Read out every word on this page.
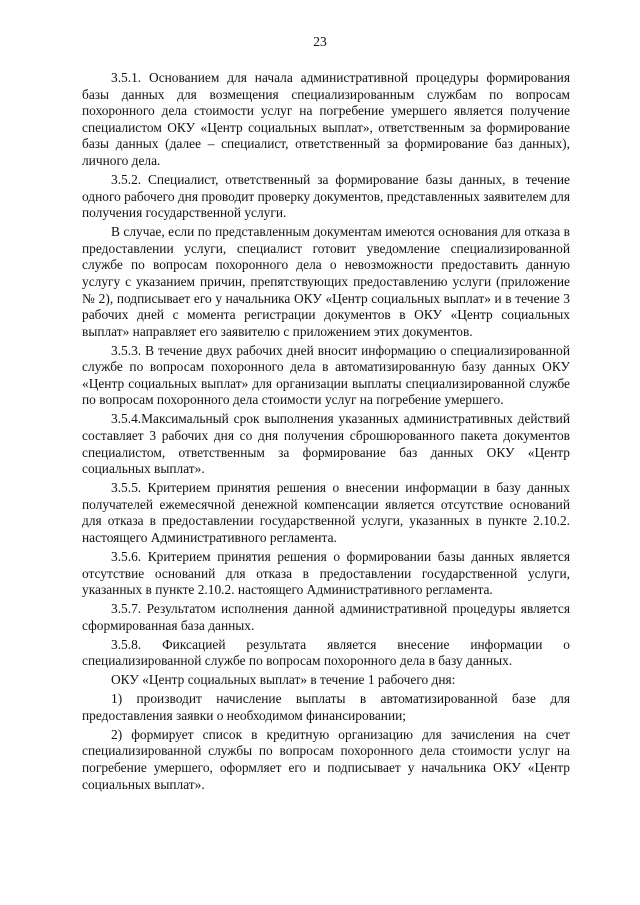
23

3.5.1. Основанием для начала административной процедуры формирования базы данных для возмещения специализированным службам по вопросам похоронного дела стоимости услуг на погребение умершего является получение специалистом ОКУ «Центр социальных выплат», ответственным за формирование базы данных (далее – специалист, ответственный за формирование баз данных), личного дела.

3.5.2. Специалист, ответственный за формирование базы данных, в течение одного рабочего дня проводит проверку документов, представленных заявителем для получения государственной услуги.

В случае, если по представленным документам имеются основания для отказа в предоставлении услуги, специалист готовит уведомление специализированной службе по вопросам похоронного дела о невозможности предоставить данную услугу с указанием причин, препятствующих предоставлению услуги (приложение № 2), подписывает его у начальника ОКУ «Центр социальных выплат» и в течение 3 рабочих дней с момента регистрации документов в ОКУ «Центр социальных выплат» направляет его заявителю с приложением этих документов.

3.5.3. В течение двух рабочих дней вносит информацию о специализированной службе по вопросам похоронного дела в автоматизированную базу данных ОКУ «Центр социальных выплат» для организации выплаты специализированной службе по вопросам похоронного дела стоимости услуг на погребение умершего.

3.5.4.Максимальный срок выполнения указанных административных действий составляет 3 рабочих дня со дня получения сброшюрованного пакета документов специалистом, ответственным за формирование баз данных ОКУ «Центр социальных выплат».

3.5.5. Критерием принятия решения о внесении информации в базу данных получателей ежемесячной денежной компенсации является отсутствие оснований для отказа в предоставлении государственной услуги, указанных в пункте 2.10.2. настоящего Административного регламента.

3.5.6. Критерием принятия решения о формировании базы данных является отсутствие оснований для отказа в предоставлении государственной услуги, указанных в пункте 2.10.2. настоящего Административного регламента.

3.5.7. Результатом исполнения данной административной процедуры является сформированная база данных.

3.5.8. Фиксацией результата является внесение информации о специализированной службе по вопросам похоронного дела в базу данных.

ОКУ «Центр социальных выплат» в течение 1 рабочего дня:

1) производит начисление выплаты в автоматизированной базе для предоставления заявки о необходимом финансировании;

2) формирует список в кредитную организацию для зачисления на счет специализированной службы по вопросам похоронного дела стоимости услуг на погребение умершего, оформляет его и подписывает у начальника ОКУ «Центр социальных выплат».
